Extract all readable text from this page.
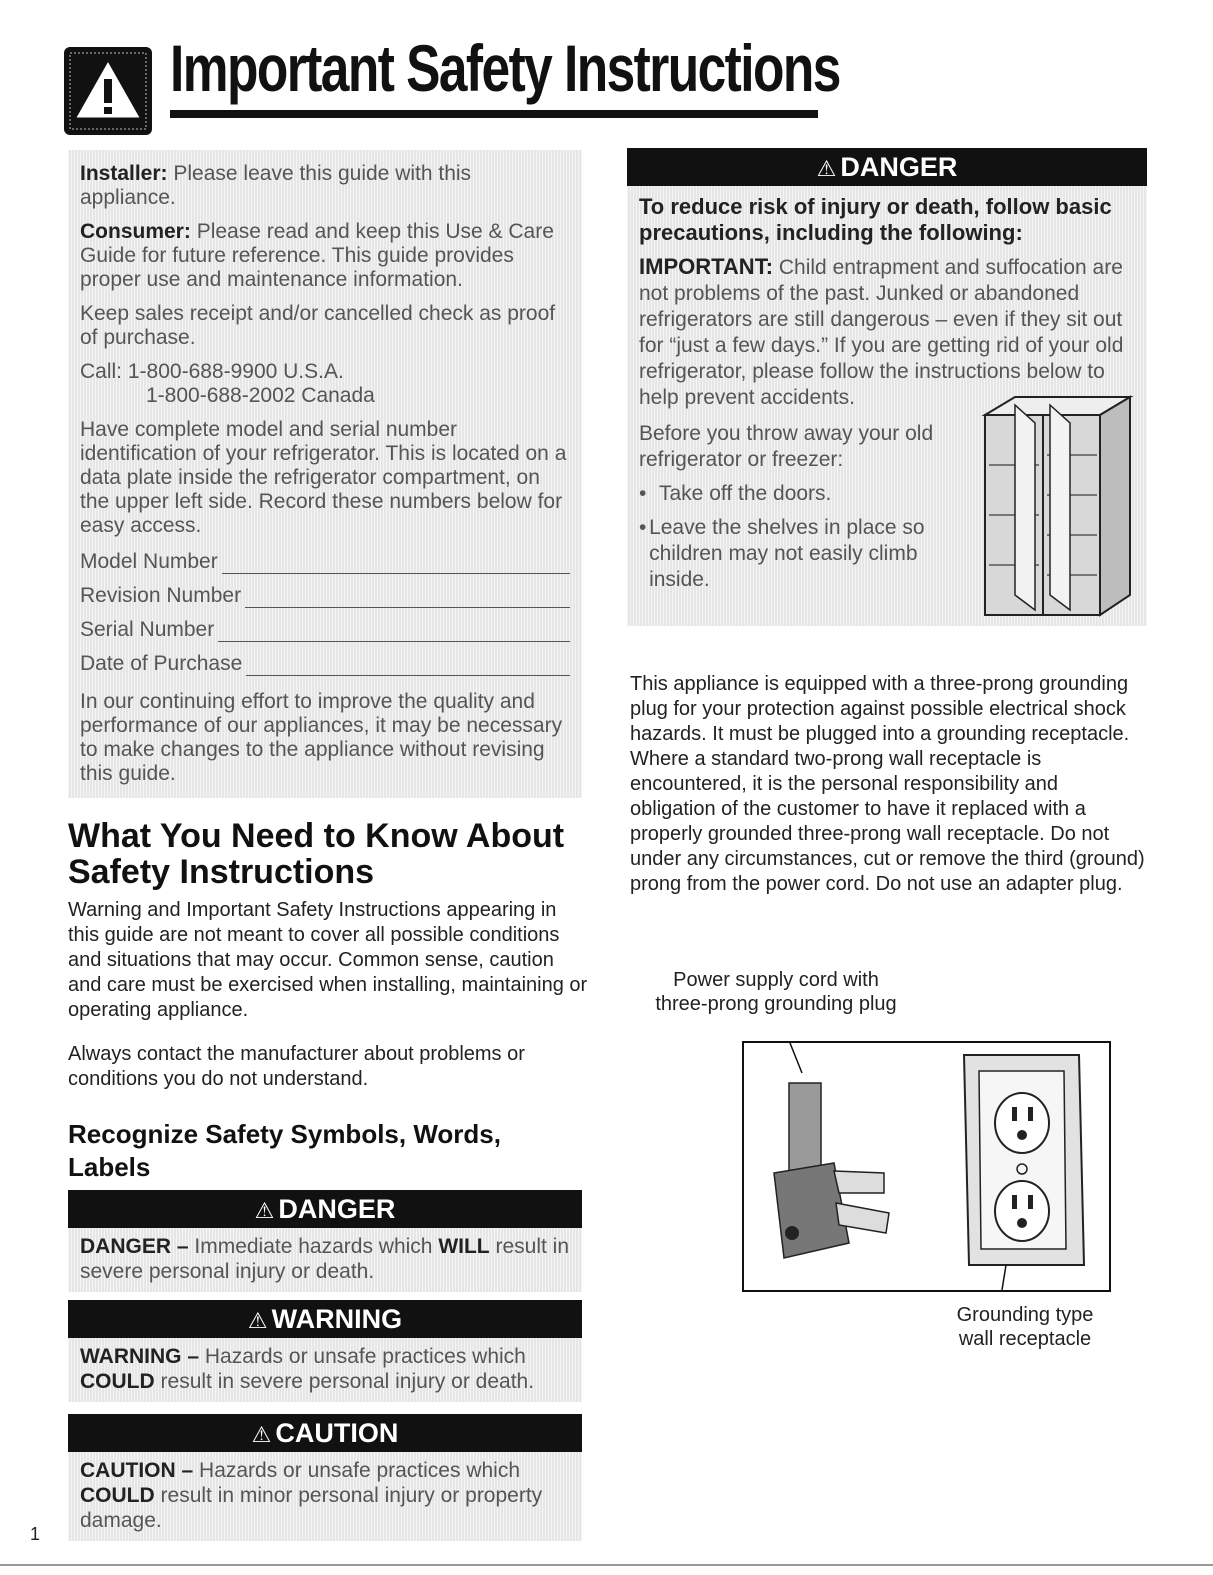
Important Safety Instructions

Installer: Please leave this guide with this appliance.

Consumer: Please read and keep this Use & Care Guide for future reference. This guide provides proper use and maintenance information.

Keep sales receipt and/or cancelled check as proof of purchase.

Call: 1-800-688-9900 U.S.A.

1-800-688-2002 Canada

Have complete model and serial number identification of your refrigerator. This is located on a data plate inside the refrigerator compartment, on the upper left side. Record these numbers below for easy access.

Model Number
Revision Number
Serial Number
Date of Purchase

In our continuing effort to improve the quality and performance of our appliances, it may be necessary to make changes to the appliance without revising this guide.

What You Need to Know About
Safety Instructions

Warning and Important Safety Instructions appearing in this guide are not meant to cover all possible conditions and situations that may occur. Common sense, caution and care must be exercised when installing, maintaining or operating appliance.

Always contact the manufacturer about problems or conditions you do not understand.

Recognize Safety Symbols, Words,
Labels
⚠ DANGER
DANGER – Immediate hazards which WILL result in severe personal injury or death.
⚠ WARNING
WARNING – Hazards or unsafe practices which COULD result in severe personal injury or death.
⚠ CAUTION
CAUTION – Hazards or unsafe practices which COULD result in minor personal injury or property damage.
⚠ DANGER

To reduce risk of injury or death, follow basic precautions, including the following:

IMPORTANT: Child entrapment and suffocation are not problems of the past. Junked or abandoned refrigerators are still dangerous – even if they sit out for “just a few days.” If you are getting rid of your old refrigerator, please follow the instructions below to help prevent accidents.

Before you throw away your old refrigerator or freezer:

• Take off the doors.
• Leave the shelves in place so children may not easily climb inside.

This appliance is equipped with a three-prong grounding plug for your protection against possible electrical shock hazards. It must be plugged into a grounding receptacle. Where a standard two-prong wall receptacle is encountered, it is the personal responsibility and obligation of the customer to have it replaced with a properly grounded three-prong wall receptacle. Do not under any circumstances, cut or remove the third (ground) prong from the power cord. Do not use an adapter plug.

Power supply cord with
three-prong grounding plug
Grounding type
wall receptacle
1
